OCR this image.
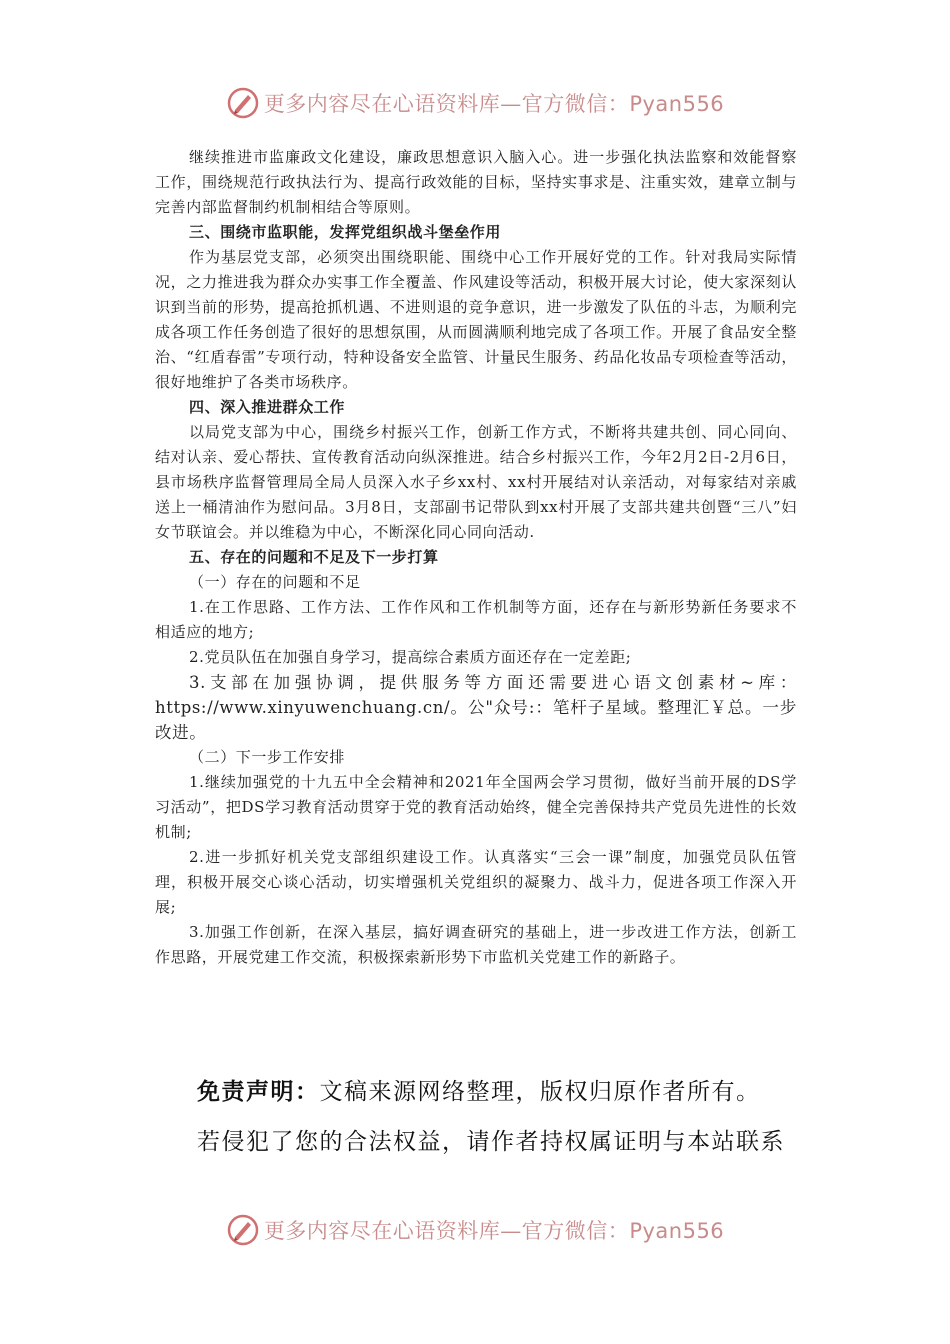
更多内容尽在心语资料库—官方微信：Pyan556

继续推进市监廉政文化建设，廉政思想意识入脑入心。进一步强化执法监察和效能督察工作，围绕规范行政执法行为、提高行政效能的目标，坚持实事求是、注重实效，建章立制与完善内部监督制约机制相结合等原则。

三、围绕市监职能，发挥党组织战斗堡垒作用

作为基层党支部，必须突出围绕职能、围绕中心工作开展好党的工作。针对我局实际情况，之力推进我为群众办实事工作全覆盖、作风建设等活动，积极开展大讨论，使大家深刻认识到当前的形势，提高抢抓机遇、不进则退的竞争意识，进一步激发了队伍的斗志，为顺利完成各项工作任务创造了很好的思想氛围，从而圆满顺利地完成了各项工作。开展了食品安全整治、“红盾春雷”专项行动，特种设备安全监管、计量民生服务、药品化妆品专项检查等活动，很好地维护了各类市场秩序。

四、深入推进群众工作

以局党支部为中心，围绕乡村振兴工作，创新工作方式，不断将共建共创、同心同向、结对认亲、爱心帮扶、宣传教育活动向纵深推进。结合乡村振兴工作，今年2月2日-2月6日，县市场秩序监督管理局全局人员深入水子乡xx村、xx村开展结对认亲活动，对每家结对亲戚送上一桶清油作为慰问品。3月8日，支部副书记带队到xx村开展了支部共建共创暨“三八”妇女节联谊会。并以维稳为中心，不断深化同心同向活动.

五、存在的问题和不足及下一步打算

（一）存在的问题和不足

1.在工作思路、工作方法、工作作风和工作机制等方面，还存在与新形势新任务要求不相适应的地方;

2.党员队伍在加强自身学习，提高综合素质方面还存在一定差距;

3.支部在加强协调，提供服务等方面还需要进心语文创素材~库：https://www.xinyuwenchuang.cn/。公"众号:：笔杆子星域。整理汇￥总。一步改进。

（二）下一步工作安排

1.继续加强党的十九五中全会精神和2021年全国两会学习贯彻，做好当前开展的DS学习活动”，把DS学习教育活动贯穿于党的教育活动始终，健全完善保持共产党员先进性的长效机制;

2.进一步抓好机关党支部组织建设工作。认真落实“三会一课”制度，加强党员队伍管理，积极开展交心谈心活动，切实增强机关党组织的凝聚力、战斗力，促进各项工作深入开展;

3.加强工作创新，在深入基层，搞好调查研究的基础上，进一步改进工作方法，创新工作思路，开展党建工作交流，积极探索新形势下市监机关党建工作的新路子。

免责声明：文稿来源网络整理，版权归原作者所有。
若侵犯了您的合法权益，请作者持权属证明与本站联系
更多内容尽在心语资料库—官方微信：Pyan556
